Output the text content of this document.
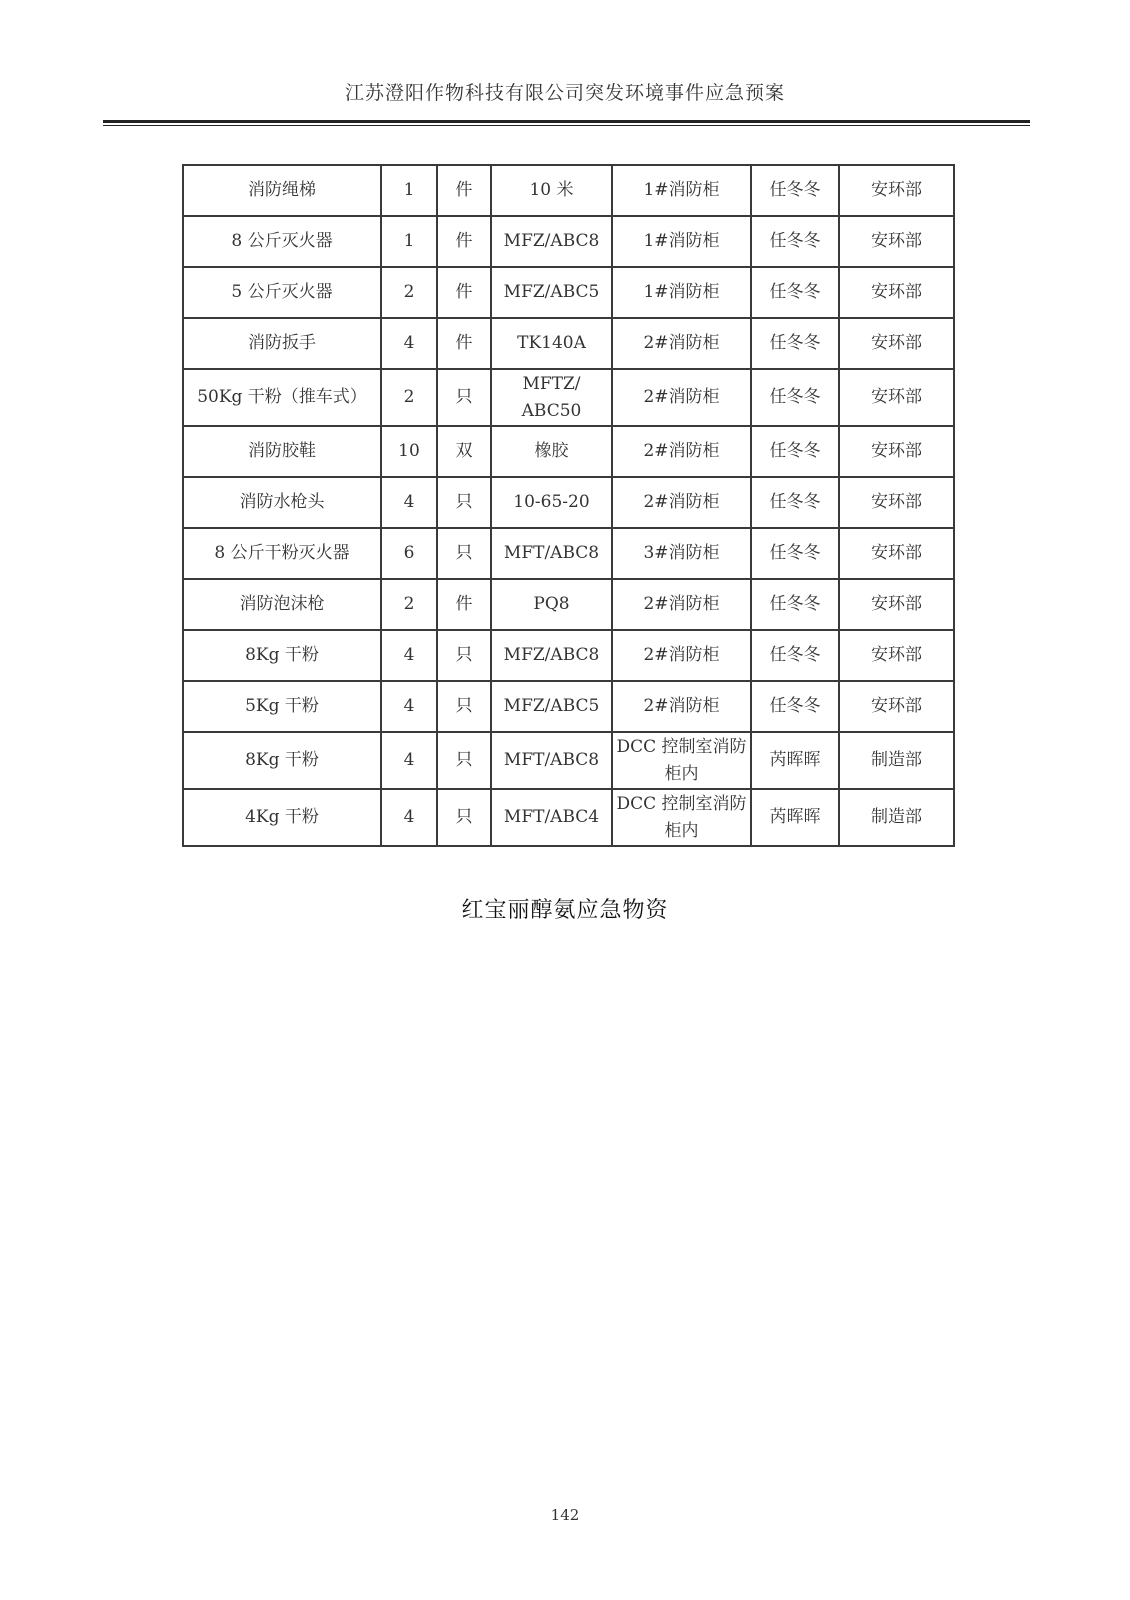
江苏澄阳作物科技有限公司突发环境事件应急预案
消防绳梯	1	件	10 米	1#消防柜	任冬冬	安环部
8 公斤灭火器	1	件	MFZ/ABC8	1#消防柜	任冬冬	安环部
5 公斤灭火器	2	件	MFZ/ABC5	1#消防柜	任冬冬	安环部
消防扳手	4	件	TK140A	2#消防柜	任冬冬	安环部
50Kg 干粉（推车式）	2	只	MFTZ/ ABC50	2#消防柜	任冬冬	安环部
消防胶鞋	10	双	橡胶	2#消防柜	任冬冬	安环部
消防水枪头	4	只	10-65-20	2#消防柜	任冬冬	安环部
8 公斤干粉灭火器	6	只	MFT/ABC8	3#消防柜	任冬冬	安环部
消防泡沫枪	2	件	PQ8	2#消防柜	任冬冬	安环部
8Kg 干粉	4	只	MFZ/ABC8	2#消防柜	任冬冬	安环部
5Kg 干粉	4	只	MFZ/ABC5	2#消防柜	任冬冬	安环部
8Kg 干粉	4	只	MFT/ABC8	DCC 控制室消防柜内	芮晖晖	制造部
4Kg 干粉	4	只	MFT/ABC4	DCC 控制室消防柜内	芮晖晖	制造部
红宝丽醇氨应急物资
142
